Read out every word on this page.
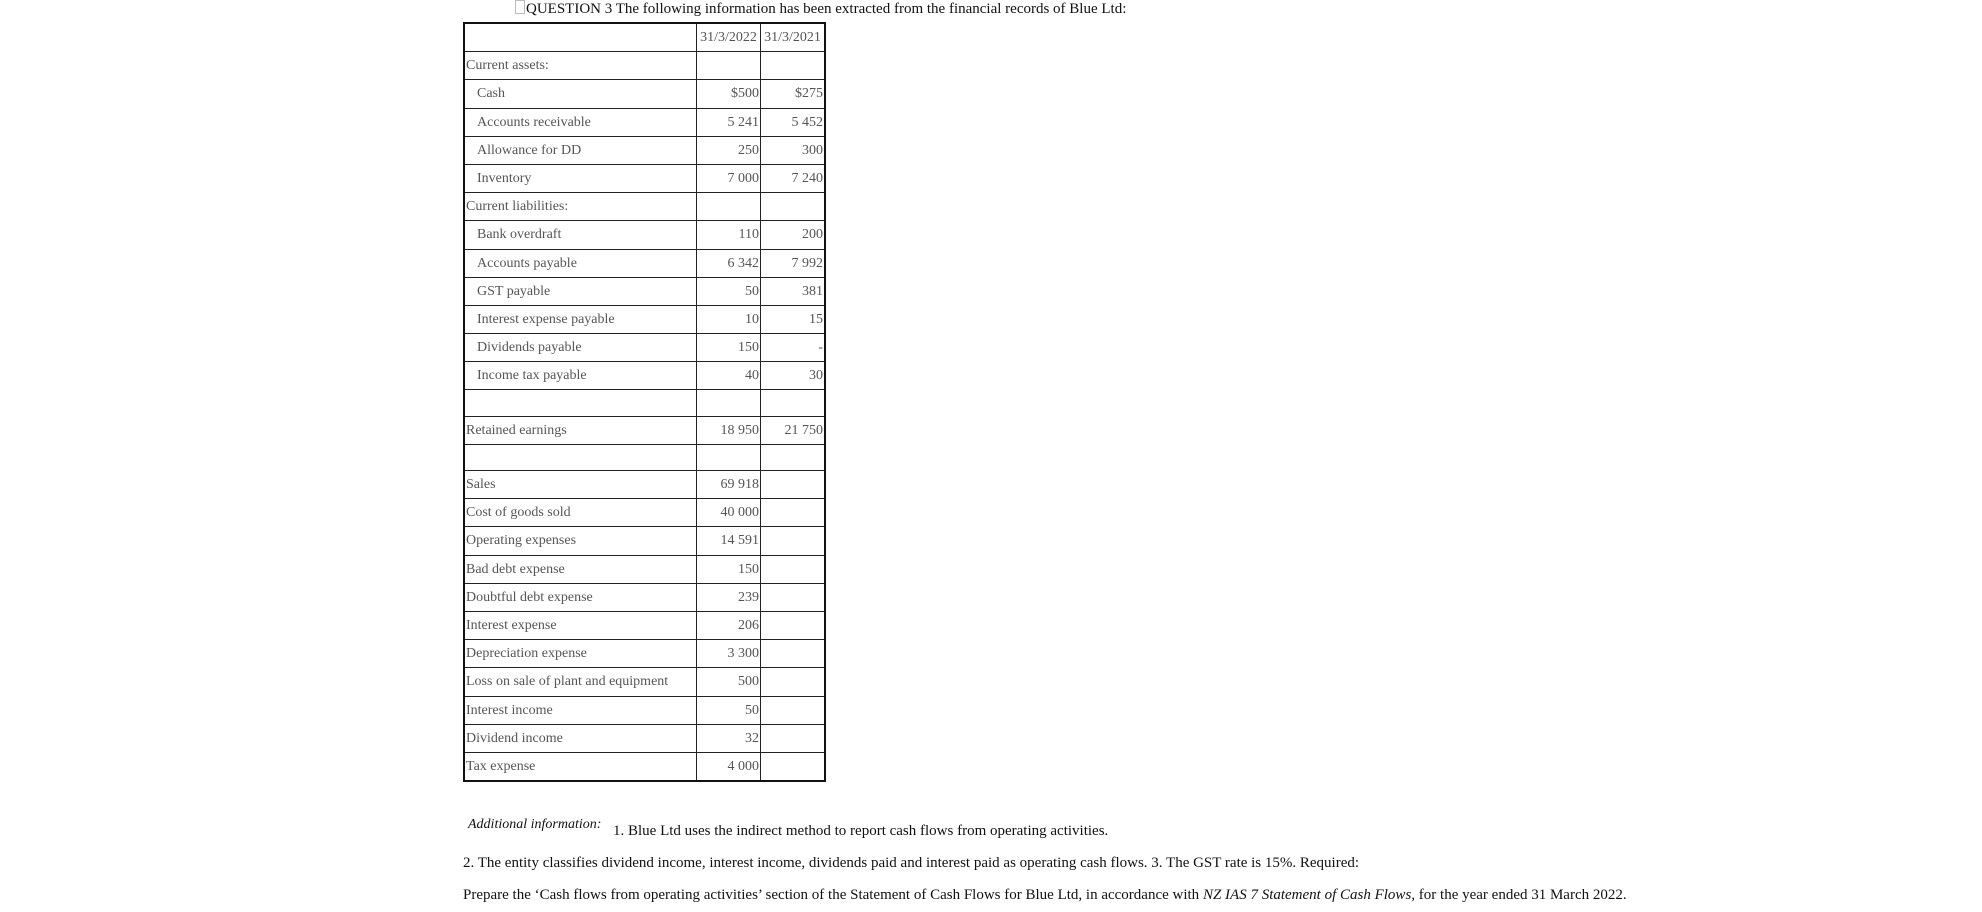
QUESTION 3 The following information has been extracted from the financial records of Blue Ltd:
	31/3/2022	31/3/2021
Current assets:		
Cash	$500	$275
Accounts receivable	5 241	5 452
Allowance for DD	250	300
Inventory	7 000	7 240
Current liabilities:		
Bank overdraft	110	200
Accounts payable	6 342	7 992
GST payable	50	381
Interest expense payable	10	15
Dividends payable	150	-
Income tax payable	40	30

Retained earnings	18 950	21 750

Sales	69 918	
Cost of goods sold	40 000	
Operating expenses	14 591	
Bad debt expense	150	
Doubtful debt expense	239	
Interest expense	206	
Depreciation expense	3 300	
Loss on sale of plant and equipment	500	
Interest income	50	
Dividend income	32	
Tax expense	4 000	
Additional information: 1. Blue Ltd uses the indirect method to report cash flows from operating activities.
2. The entity classifies dividend income, interest income, dividends paid and interest paid as operating cash flows. 3. The GST rate is 15%. Required:
Prepare the ‘Cash flows from operating activities’ section of the Statement of Cash Flows for Blue Ltd, in accordance with NZ IAS 7 Statement of Cash Flows, for the year ended 31 March 2022.
